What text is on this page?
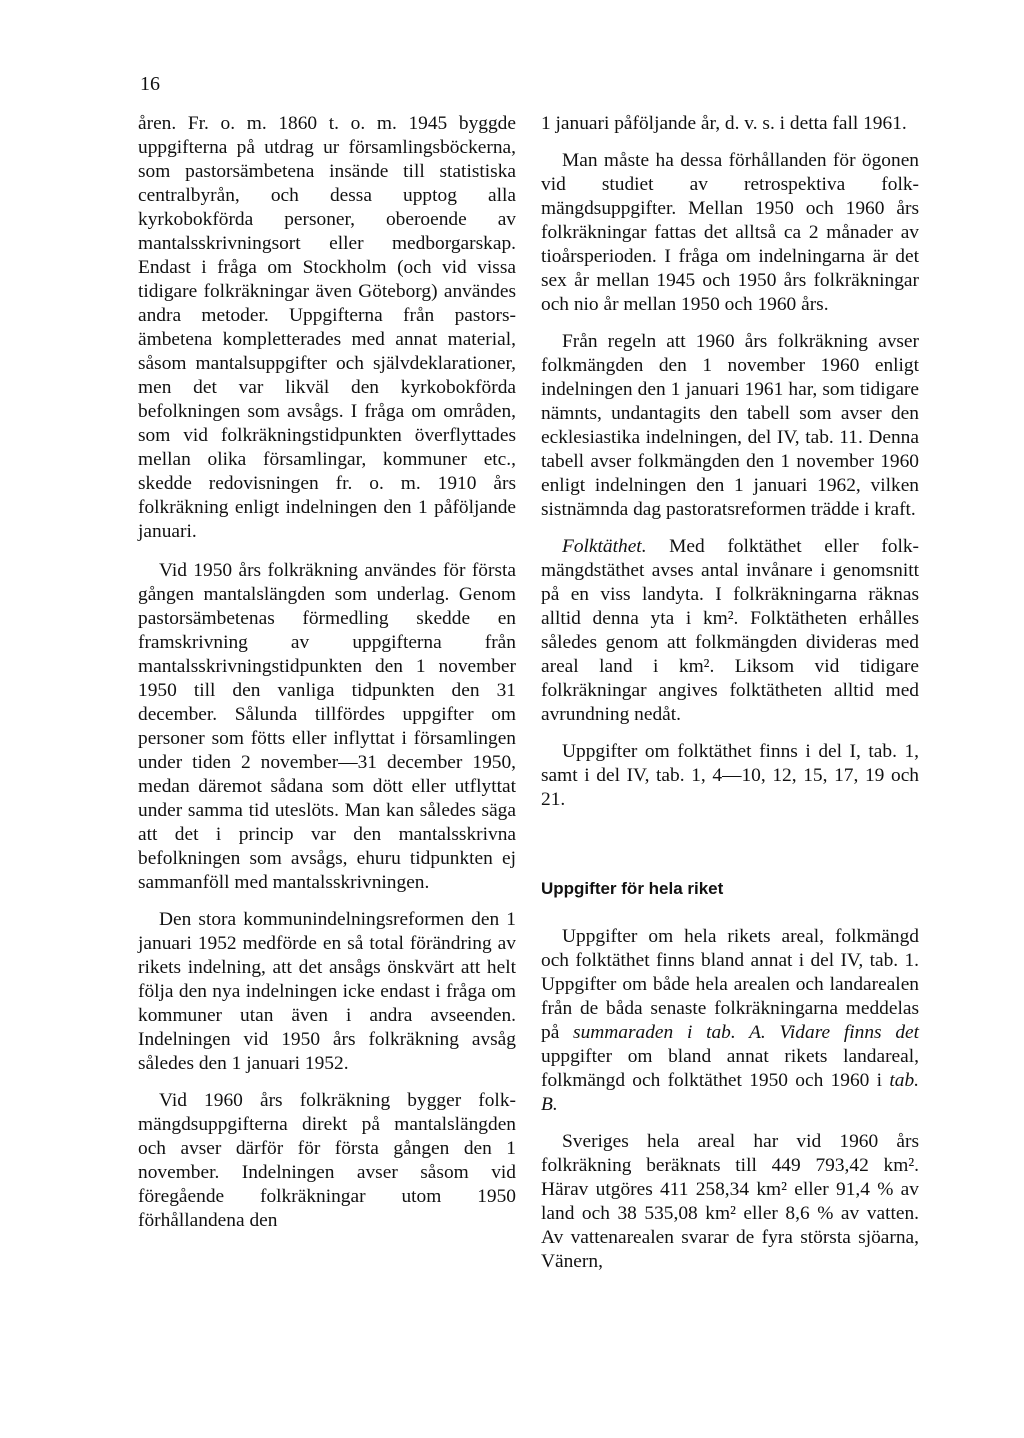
16

åren. Fr. o. m. 1860 t. o. m. 1945 byggde uppgifterna på utdrag ur församlingsböckerna, som pastorsämbetena insände till statistiska centralbyrån, och dessa upptog alla kyrkobokförda personer, oberoende av mantalsskrivningsort eller medborgarskap. Endast i fråga om Stockholm (och vid vissa tidigare folkräkningar även Göteborg) användes andra metoder. Uppgifterna från pastorsämbetena kompletterades med annat material, såsom mantalsuppgifter och självdeklarationer, men det var likväl den kyrkobokförda befolkningen som avsågs. I fråga om områden, som vid folkräkningstidpunkten överflyttades mellan olika församlingar, kommuner etc., skedde redovisningen fr. o. m. 1910 års folkräkning enligt indelningen den 1 påföljande januari.

Vid 1950 års folkräkning användes för första gången mantalslängden som underlag. Genom pastorsämbetenas förmedling skedde en framskrivning av uppgifterna från mantalsskrivningstidpunkten den 1 november 1950 till den vanliga tidpunkten den 31 december. Sålunda tillfördes uppgifter om personer som fötts eller inflyttat i församlingen under tiden 2 november—31 december 1950, medan däremot sådana som dött eller utflyttat under samma tid uteslöts. Man kan således säga att det i princip var den mantalsskrivna befolkningen som avsågs, ehuru tidpunkten ej sammanföll med mantalsskrivningen.

Den stora kommunindelningsreformen den 1 januari 1952 medförde en så total förändring av rikets indelning, att det ansågs önskvärt att helt följa den nya indelningen icke endast i fråga om kommuner utan även i andra avseenden. Indelningen vid 1950 års folkräkning avsåg således den 1 januari 1952.

Vid 1960 års folkräkning bygger folkmängdsuppgifterna direkt på mantalslängden och avser därför för första gången den 1 november. Indelningen avser såsom vid föregående folkräkningar utom 1950 förhållandena den

1 januari påföljande år, d. v. s. i detta fall 1961.

Man måste ha dessa förhållanden för ögonen vid studiet av retrospektiva folkmängdsuppgifter. Mellan 1950 och 1960 års folkräkningar fattas det alltså ca 2 månader av tioårsperioden. I fråga om indelningarna är det sex år mellan 1945 och 1950 års folkräkningar och nio år mellan 1950 och 1960 års.

Från regeln att 1960 års folkräkning avser folkmängden den 1 november 1960 enligt indelningen den 1 januari 1961 har, som tidigare nämnts, undantagits den tabell som avser den ecklesiastika indelningen, del IV, tab. 11. Denna tabell avser folkmängden den 1 november 1960 enligt indelningen den 1 januari 1962, vilken sistnämnda dag pastoratsreformen trädde i kraft.

Folktäthet. Med folktäthet eller folkmängdstäthet avses antal invånare i genomsnitt på en viss landyta. I folkräkningarna räknas alltid denna yta i km². Folktätheten erhålles således genom att folkmängden divideras med areal land i km². Liksom vid tidigare folkräkningar angives folktätheten alltid med avrundning nedåt.

Uppgifter om folktäthet finns i del I, tab. 1, samt i del IV, tab. 1, 4—10, 12, 15, 17, 19 och 21.

Uppgifter för hela riket

Uppgifter om hela rikets areal, folkmängd och folktäthet finns bland annat i del IV, tab. 1. Uppgifter om både hela arealen och landarealen från de båda senaste folkräkningarna meddelas på summaraden i tab. A. Vidare finns det uppgifter om bland annat rikets landareal, folkmängd och folktäthet 1950 och 1960 i tab. B.

Sveriges hela areal har vid 1960 års folkräkning beräknats till 449 793,42 km². Härav utgöres 411 258,34 km² eller 91,4 % av land och 38 535,08 km² eller 8,6 % av vatten. Av vattenarealen svarar de fyra största sjöarna, Vänern,
